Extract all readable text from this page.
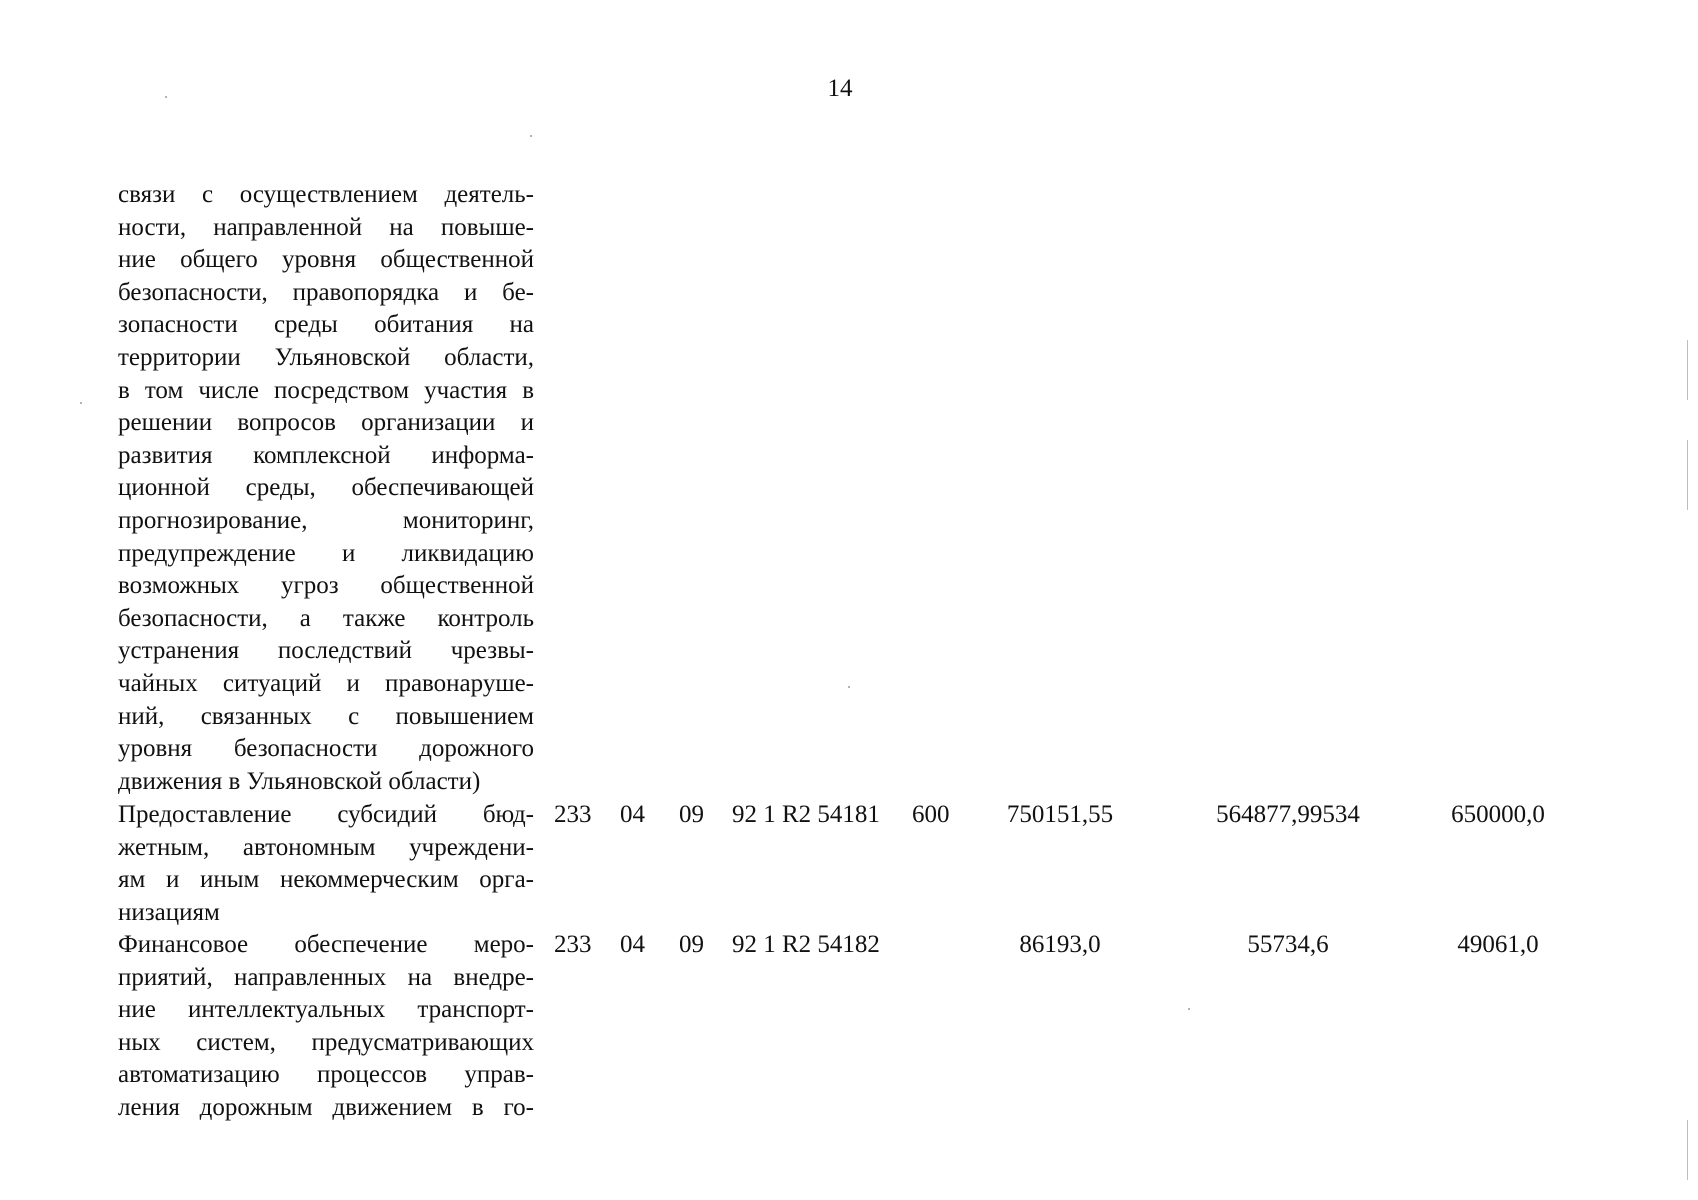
14
связи с осуществлением деятель-
ности, направленной на повыше-
ние общего уровня общественной
безопасности, правопорядка и бе-
зопасности среды обитания на
территории Ульяновской области,
в том числе посредством участия в
решении вопросов организации и
развития комплексной информа-
ционной среды, обеспечивающей
прогнозирование, мониторинг,
предупреждение и ликвидацию
возможных угроз общественной
безопасности, а также контроль
устранения последствий чрезвы-
чайных ситуаций и правонаруше-
ний, связанных с повышением
уровня безопасности дорожного
движения в Ульяновской области)
Предоставление субсидий бюд-
жетным, автономным учреждени-
ям и иным некоммерческим орга-
низациям
233 04 09 92 1 R2 54181 600	750151,55	564877,99534	650000,0
Финансовое обеспечение меро-
приятий, направленных на внедре-
ние интеллектуальных транспорт-
ных систем, предусматривающих
автоматизацию процессов управ-
ления дорожным движением в го-
233 04 09 92 1 R2 54182	86193,0	55734,6	49061,0
